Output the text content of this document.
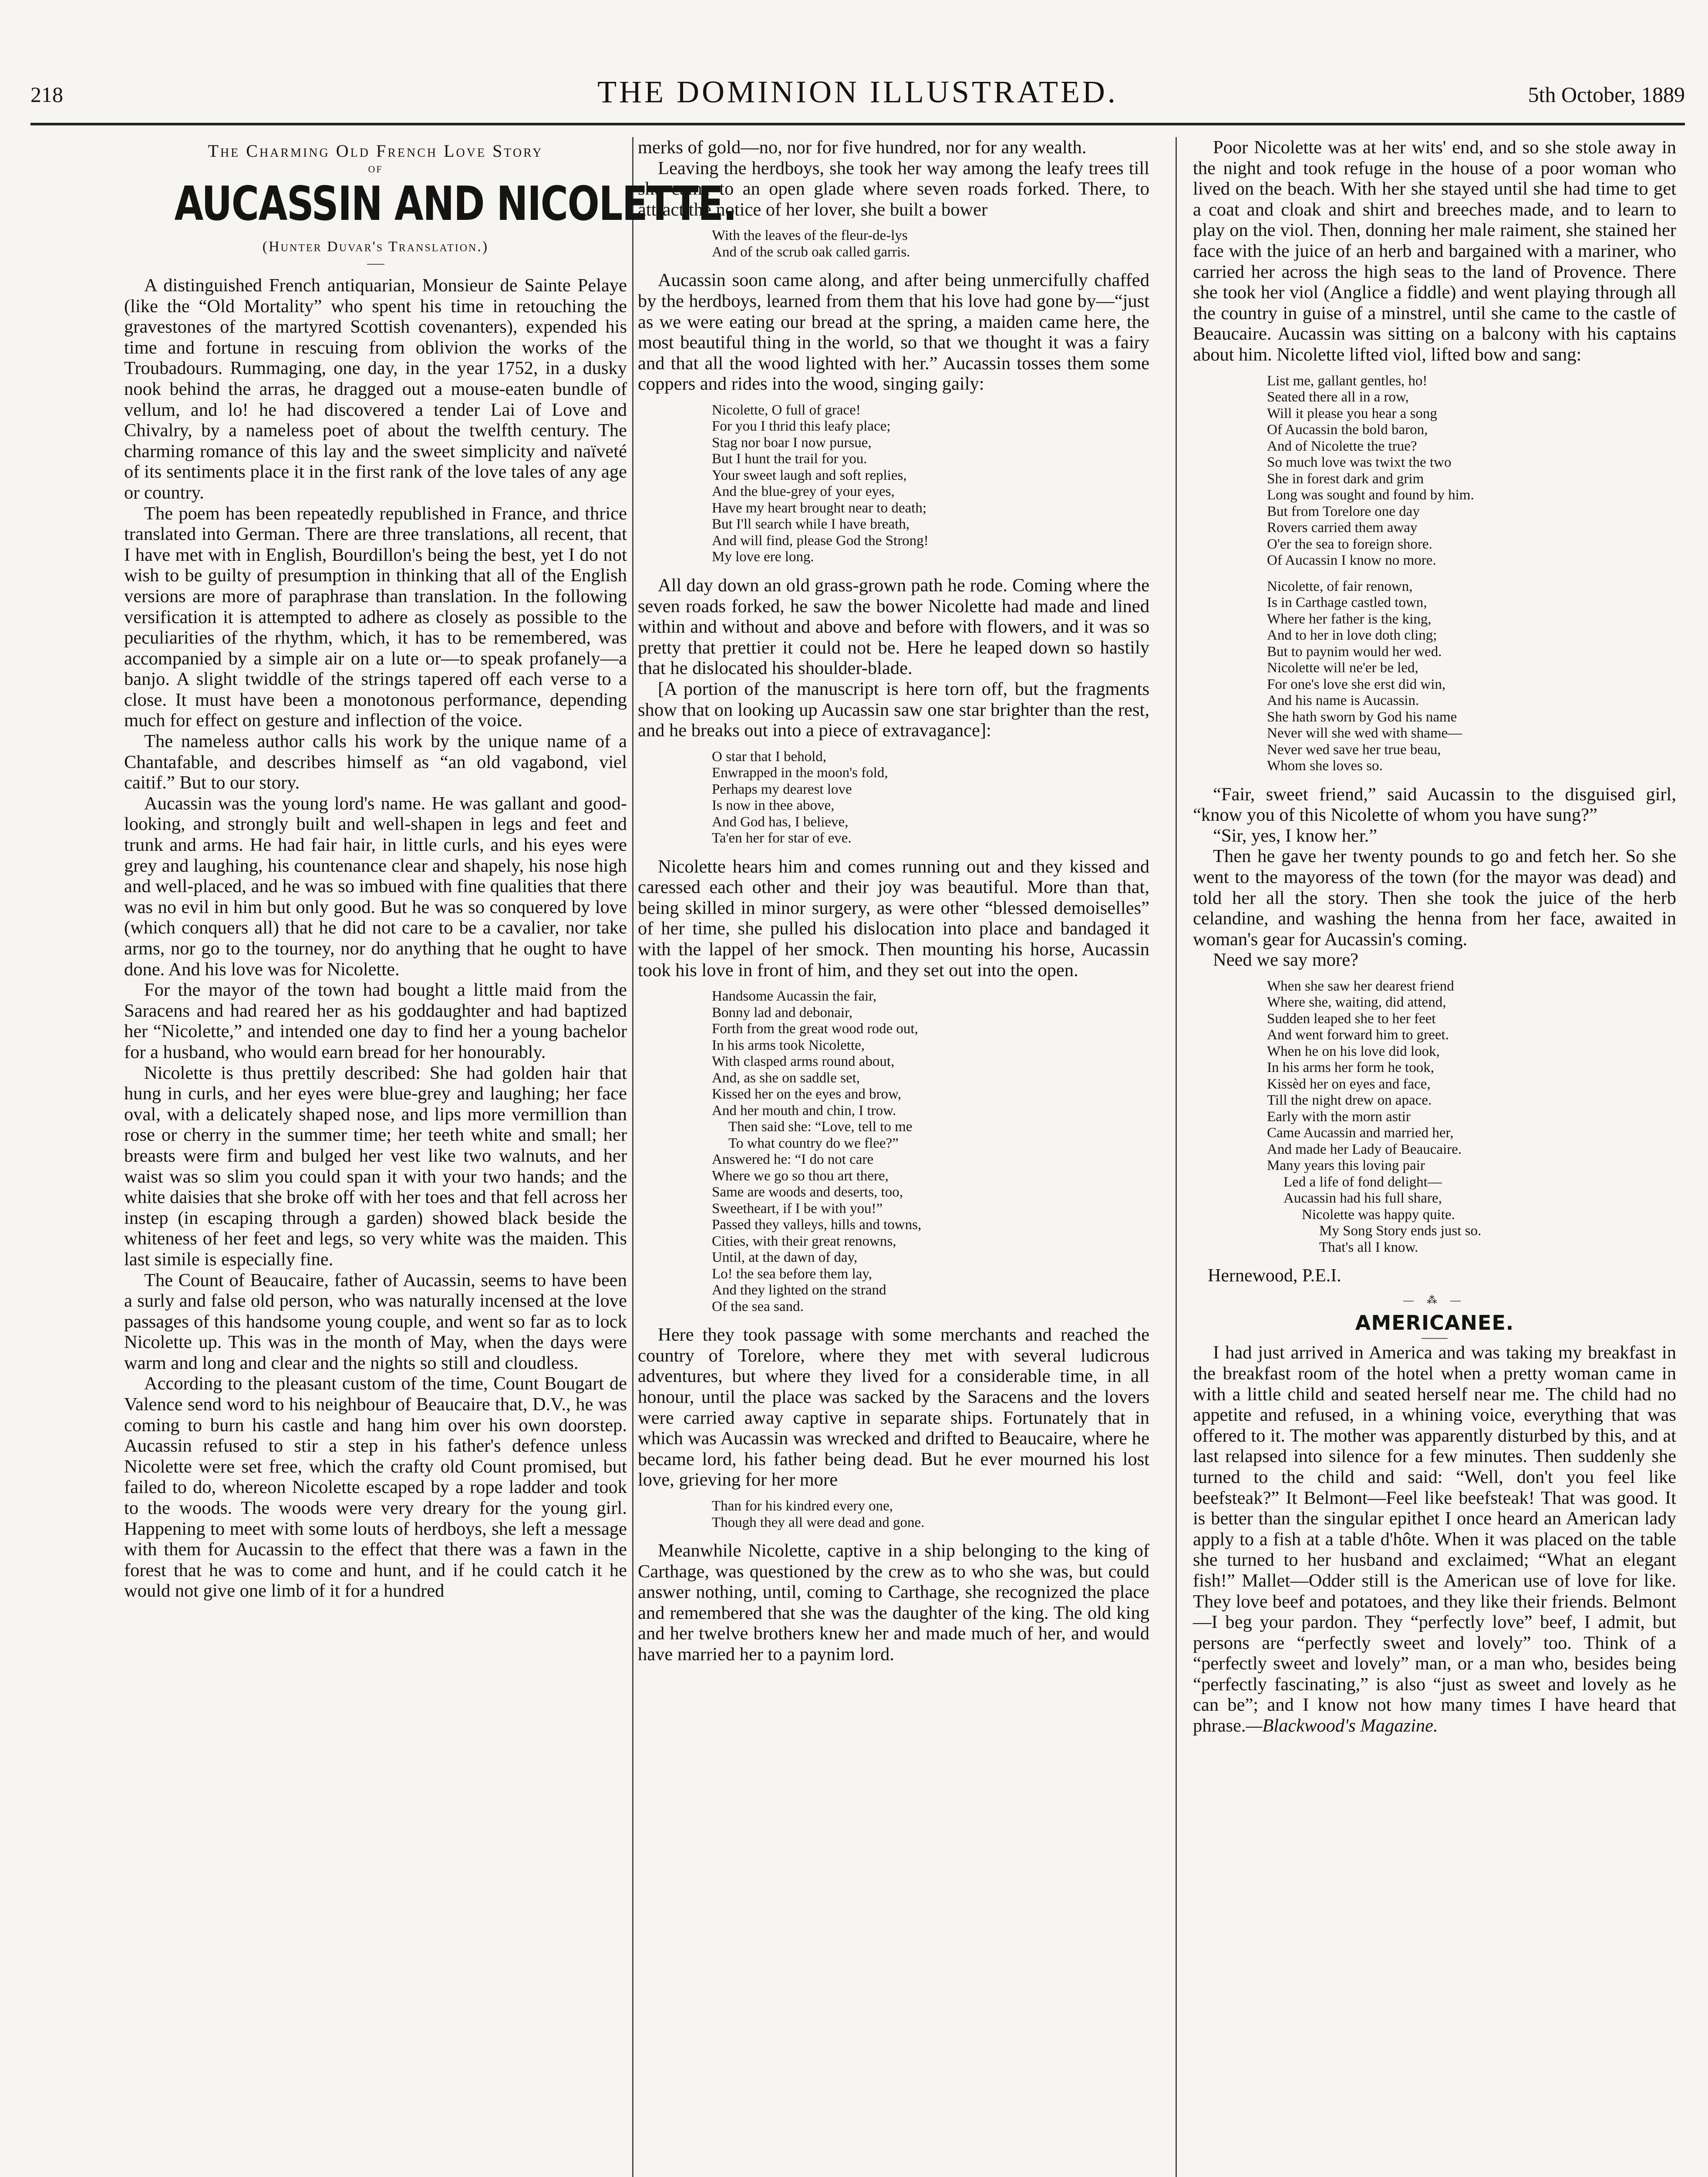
218	THE DOMINION ILLUSTRATED.	5th October, 1889
The Charming Old French Love Story
OF
AUCASSIN AND NICOLETTE.
(Hunter Duvar's Translation.)

A distinguished French antiquarian, Monsieur de Sainte Pelaye (like the “Old Mortality” who spent his time in retouching the gravestones of the martyred Scottish covenanters), expended his time and fortune in rescuing from oblivion the works of the Troubadours. Rummaging, one day, in the year 1752, in a dusky nook behind the arras, he dragged out a mouse-eaten bundle of vellum, and lo! he had discovered a tender Lai of Love and Chivalry, by a nameless poet of about the twelfth century. The charming romance of this lay and the sweet simplicity and naïveté of its sentiments place it in the first rank of the love tales of any age or country.

The poem has been repeatedly republished in France, and thrice translated into German. There are three translations, all recent, that I have met with in English, Bourdillon's being the best, yet I do not wish to be guilty of presumption in thinking that all of the English versions are more of paraphrase than translation. In the following versification it is attempted to adhere as closely as possible to the peculiarities of the rhythm, which, it has to be remembered, was accompanied by a simple air on a lute or—to speak profanely—a banjo. A slight twiddle of the strings tapered off each verse to a close. It must have been a monotonous performance, depending much for effect on gesture and inflection of the voice.

The nameless author calls his work by the unique name of a Chantafable, and describes himself as “an old vagabond, viel caitif.” But to our story.

Aucassin was the young lord's name. He was gallant and good-looking, and strongly built and well-shapen in legs and feet and trunk and arms. He had fair hair, in little curls, and his eyes were grey and laughing, his countenance clear and shapely, his nose high and well-placed, and he was so imbued with fine qualities that there was no evil in him but only good. But he was so conquered by love (which conquers all) that he did not care to be a cavalier, nor take arms, nor go to the tourney, nor do anything that he ought to have done. And his love was for Nicolette.

For the mayor of the town had bought a little maid from the Saracens and had reared her as his goddaughter and had baptized her “Nicolette,” and intended one day to find her a young bachelor for a husband, who would earn bread for her honourably.

Nicolette is thus prettily described: She had golden hair that hung in curls, and her eyes were blue-grey and laughing; her face oval, with a delicately shaped nose, and lips more vermillion than rose or cherry in the summer time; her teeth white and small; her breasts were firm and bulged her vest like two walnuts, and her waist was so slim you could span it with your two hands; and the white daisies that she broke off with her toes and that fell across her instep (in escaping through a garden) showed black beside the whiteness of her feet and legs, so very white was the maiden. This last simile is especially fine.

The Count of Beaucaire, father of Aucassin, seems to have been a surly and false old person, who was naturally incensed at the love passages of this handsome young couple, and went so far as to lock Nicolette up. This was in the month of May, when the days were warm and long and clear and the nights so still and cloudless.

According to the pleasant custom of the time, Count Bougart de Valence send word to his neighbour of Beaucaire that, D.V., he was coming to burn his castle and hang him over his own doorstep. Aucassin refused to stir a step in his father's defence unless Nicolette were set free, which the crafty old Count promised, but failed to do, whereon Nicolette escaped by a rope ladder and took to the woods. The woods were very dreary for the young girl. Happening to meet with some louts of herdboys, she left a message with them for Aucassin to the effect that there was a fawn in the forest that he was to come and hunt, and if he could catch it he would not give one limb of it for a hundred

merks of gold—no, nor for five hundred, nor for any wealth.

Leaving the herdboys, she took her way among the leafy trees till she came to an open glade where seven roads forked. There, to attract the notice of her lover, she built a bower

With the leaves of the fleur-de-lys
And of the scrub oak called garris.

Aucassin soon came along, and after being unmercifully chaffed by the herdboys, learned from them that his love had gone by—“just as we were eating our bread at the spring, a maiden came here, the most beautiful thing in the world, so that we thought it was a fairy and that all the wood lighted with her.” Aucassin tosses them some coppers and rides into the wood, singing gaily:

Nicolette, O full of grace!
For you I thrid this leafy place;
Stag nor boar I now pursue,
But I hunt the trail for you.
Your sweet laugh and soft replies,
And the blue-grey of your eyes,
Have my heart brought near to death;
But I'll search while I have breath,
And will find, please God the Strong!
My love ere long.

All day down an old grass-grown path he rode. Coming where the seven roads forked, he saw the bower Nicolette had made and lined within and without and above and before with flowers, and it was so pretty that prettier it could not be. Here he leaped down so hastily that he dislocated his shoulder-blade.

[A portion of the manuscript is here torn off, but the fragments show that on looking up Aucassin saw one star brighter than the rest, and he breaks out into a piece of extravagance]:

O star that I behold,
Enwrapped in the moon's fold,
Perhaps my dearest love
Is now in thee above,
And God has, I believe,
Ta'en her for star of eve.

Nicolette hears him and comes running out and they kissed and caressed each other and their joy was beautiful. More than that, being skilled in minor surgery, as were other “blessed demoiselles” of her time, she pulled his dislocation into place and bandaged it with the lappel of her smock. Then mounting his horse, Aucassin took his love in front of him, and they set out into the open.

Handsome Aucassin the fair,
Bonny lad and debonair,
Forth from the great wood rode out,
In his arms took Nicolette,
With clasped arms round about,
And, as she on saddle set,
Kissed her on the eyes and brow,
And her mouth and chin, I trow.
Then said she: “Love, tell to me
To what country do we flee?”
Answered he: “I do not care
Where we go so thou art there,
Same are woods and deserts, too,
Sweetheart, if I be with you!”
Passed they valleys, hills and towns,
Cities, with their great renowns,
Until, at the dawn of day,
Lo! the sea before them lay,
And they lighted on the strand
Of the sea sand.

Here they took passage with some merchants and reached the country of Torelore, where they met with several ludicrous adventures, but where they lived for a considerable time, in all honour, until the place was sacked by the Saracens and the lovers were carried away captive in separate ships. Fortunately that in which was Aucassin was wrecked and drifted to Beaucaire, where he became lord, his father being dead. But he ever mourned his lost love, grieving for her more

Than for his kindred every one,
Though they all were dead and gone.

Meanwhile Nicolette, captive in a ship belonging to the king of Carthage, was questioned by the crew as to who she was, but could answer nothing, until, coming to Carthage, she recognized the place and remembered that she was the daughter of the king. The old king and her twelve brothers knew her and made much of her, and would have married her to a paynim lord.

Poor Nicolette was at her wits' end, and so she stole away in the night and took refuge in the house of a poor woman who lived on the beach. With her she stayed until she had time to get a coat and cloak and shirt and breeches made, and to learn to play on the viol. Then, donning her male raiment, she stained her face with the juice of an herb and bargained with a mariner, who carried her across the high seas to the land of Provence. There she took her viol (Anglice a fiddle) and went playing through all the country in guise of a minstrel, until she came to the castle of Beaucaire. Aucassin was sitting on a balcony with his captains about him. Nicolette lifted viol, lifted bow and sang:

List me, gallant gentles, ho!
Seated there all in a row,
Will it please you hear a song
Of Aucassin the bold baron,
And of Nicolette the true?
So much love was twixt the two
She in forest dark and grim
Long was sought and found by him.
But from Torelore one day
Rovers carried them away
O'er the sea to foreign shore.
Of Aucassin I know no more.
Nicolette, of fair renown,
Is in Carthage castled town,
Where her father is the king,
And to her in love doth cling;
But to paynim would her wed.
Nicolette will ne'er be led,
For one's love she erst did win,
And his name is Aucassin.
She hath sworn by God his name
Never will she wed with shame—
Never wed save her true beau,
Whom she loves so.

“Fair, sweet friend,” said Aucassin to the disguised girl, “know you of this Nicolette of whom you have sung?”

“Sir, yes, I know her.”

Then he gave her twenty pounds to go and fetch her. So she went to the mayoress of the town (for the mayor was dead) and told her all the story. Then she took the juice of the herb celandine, and washing the henna from her face, awaited in woman's gear for Aucassin's coming.

Need we say more?

When she saw her dearest friend
Where she, waiting, did attend,
Sudden leaped she to her feet
And went forward him to greet.
When he on his love did look,
In his arms her form he took,
Kissèd her on eyes and face,
Till the night drew on apace.
Early with the morn astir
Came Aucassin and married her,
And made her Lady of Beaucaire.
Many years this loving pair
Led a life of fond delight—
Aucassin had his full share,
Nicolette was happy quite.
My Song Story ends just so.
That's all I know.
Hernewood, P.E.I.
— ⁂ —
AMERICANEE.

I had just arrived in America and was taking my breakfast in the breakfast room of the hotel when a pretty woman came in with a little child and seated herself near me. The child had no appetite and refused, in a whining voice, everything that was offered to it. The mother was apparently disturbed by this, and at last relapsed into silence for a few minutes. Then suddenly she turned to the child and said: “Well, don't you feel like beefsteak?” It Belmont—Feel like beefsteak! That was good. It is better than the singular epithet I once heard an American lady apply to a fish at a table d'hôte. When it was placed on the table she turned to her husband and exclaimed; “What an elegant fish!” Mallet—Odder still is the American use of love for like. They love beef and potatoes, and they like their friends. Belmont—I beg your pardon. They “perfectly love” beef, I admit, but persons are “perfectly sweet and lovely” too. Think of a “perfectly sweet and lovely” man, or a man who, besides being “perfectly fascinating,” is also “just as sweet and lovely as he can be”; and I know not how many times I have heard that phrase.—Blackwood's Magazine.
